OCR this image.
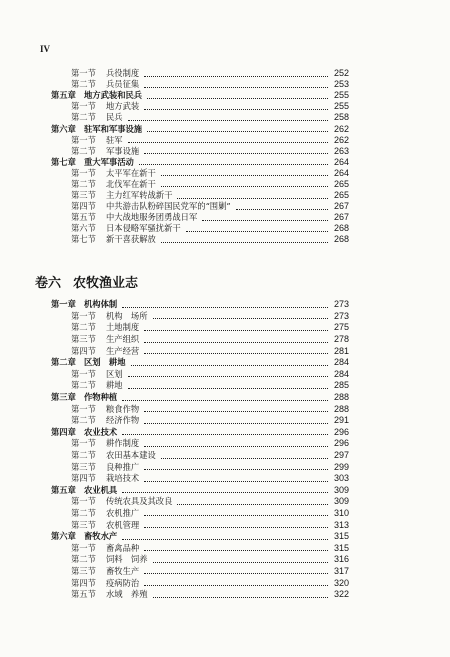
IV
第一节	兵役制度	252
第二节	兵员征集	253
第五章 地方武装和民兵	255
第一节	地方武装	255
第二节	民兵	258
第六章 驻军和军事设施	262
第一节	驻军	262
第二节	军事设施	263
第七章 重大军事活动	264
第一节	太平军在新干	264
第二节	北伐军在新干	265
第三节	主力红军转战新干	265
第四节	中共游击队粉碎国民党军的“围剿”	267
第五节	中大战地服务团勇战日军	267
第六节	日本侵略军骚扰新干	268
第七节	新干喜获解放	268
卷六 农牧渔业志
第一章 机构体制	273
第一节	机构　场所	273
第二节	土地制度	275
第三节	生产组织	278
第四节	生产经营	281
第二章 区划　耕地	284
第一节	区划	284
第二节	耕地	285
第三章 作物种植	288
第一节	粮食作物	288
第二节	经济作物	291
第四章 农业技术	296
第一节	耕作制度	296
第二节	农田基本建设	297
第三节	良种推广	299
第四节	栽培技术	303
第五章 农业机具	309
第一节	传统农具及其改良	309
第二节	农机推广	310
第三节	农机管理	313
第六章 畜牧水产	315
第一节	畜禽品种	315
第二节	饲料　饲养	316
第三节	畜牧生产	317
第四节	疫病防治	320
第五节	水域　养殖	322
